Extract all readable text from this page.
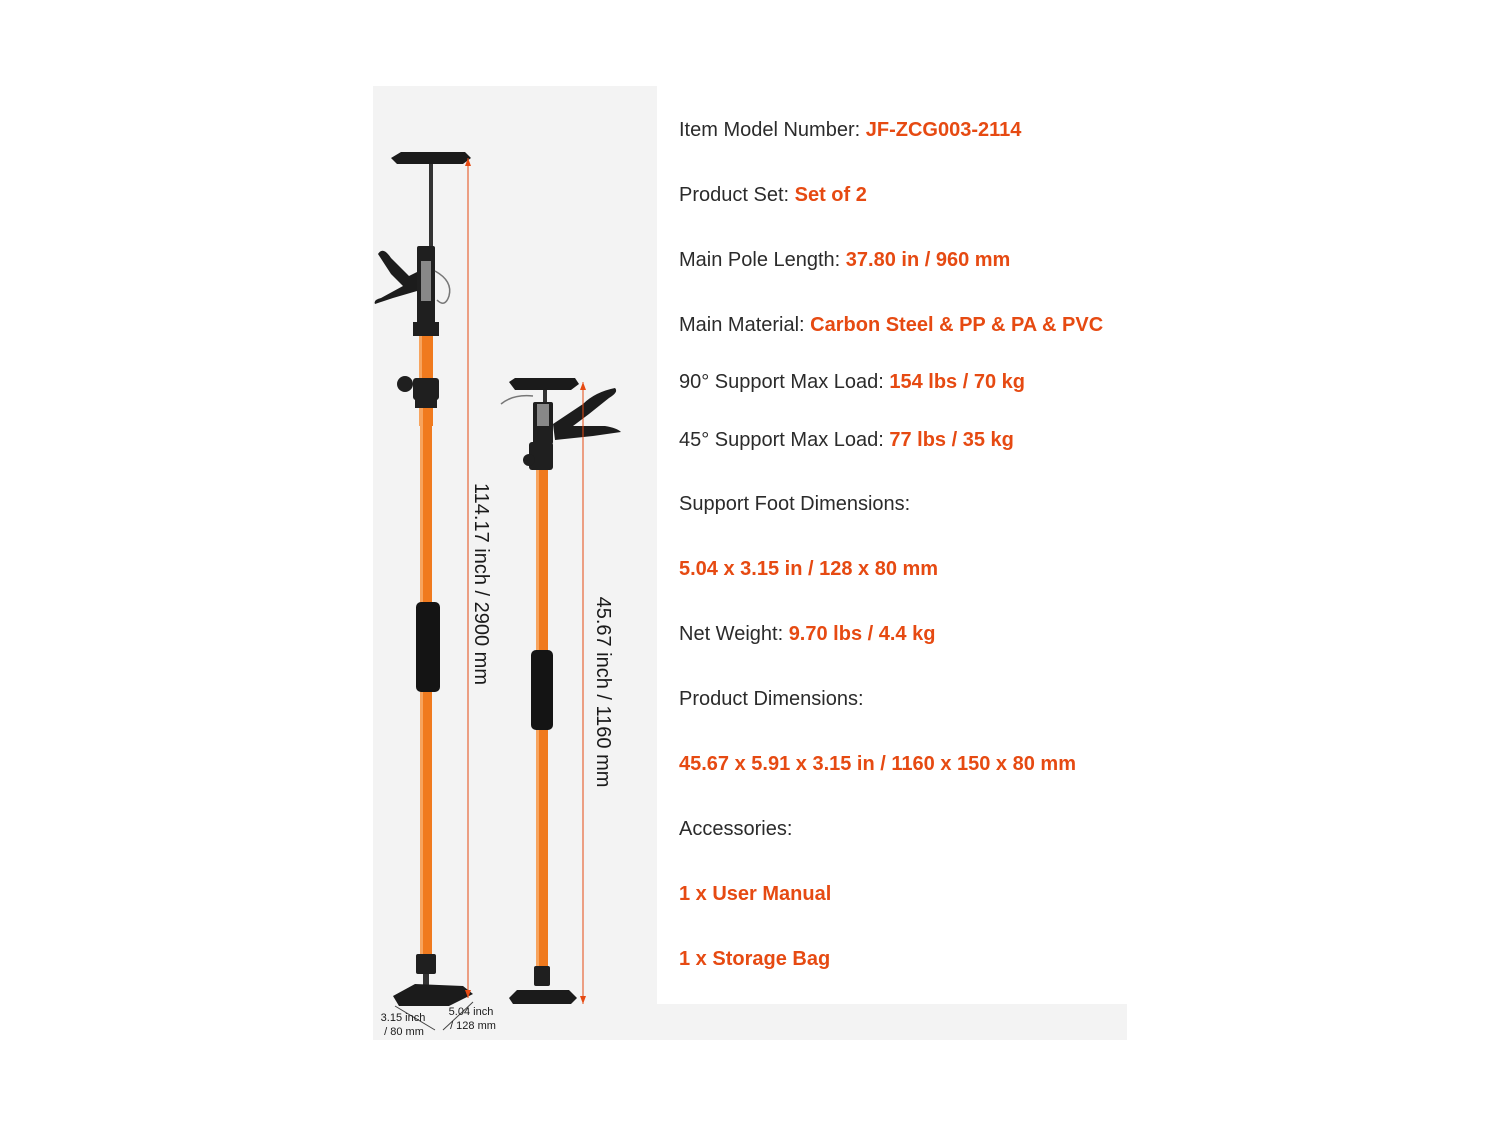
114.17 inch / 2900 mm
45.67 inch / 1160 mm
3.15 inch
/ 80 mm
5.04 inch
/ 128 mm

Item Model Number: JF-ZCG003-2114

Product Set: Set of 2

Main Pole Length: 37.80 in / 960 mm

Main Material: Carbon Steel & PP & PA & PVC

90° Support Max Load: 154 lbs / 70 kg

45° Support Max Load: 77 lbs / 35 kg

Support Foot Dimensions:

5.04 x 3.15 in / 128 x 80 mm

Net Weight: 9.70 lbs / 4.4 kg

Product Dimensions:

45.67 x 5.91 x 3.15 in / 1160 x 150 x 80 mm

Accessories:

1 x User Manual

1 x Storage Bag
